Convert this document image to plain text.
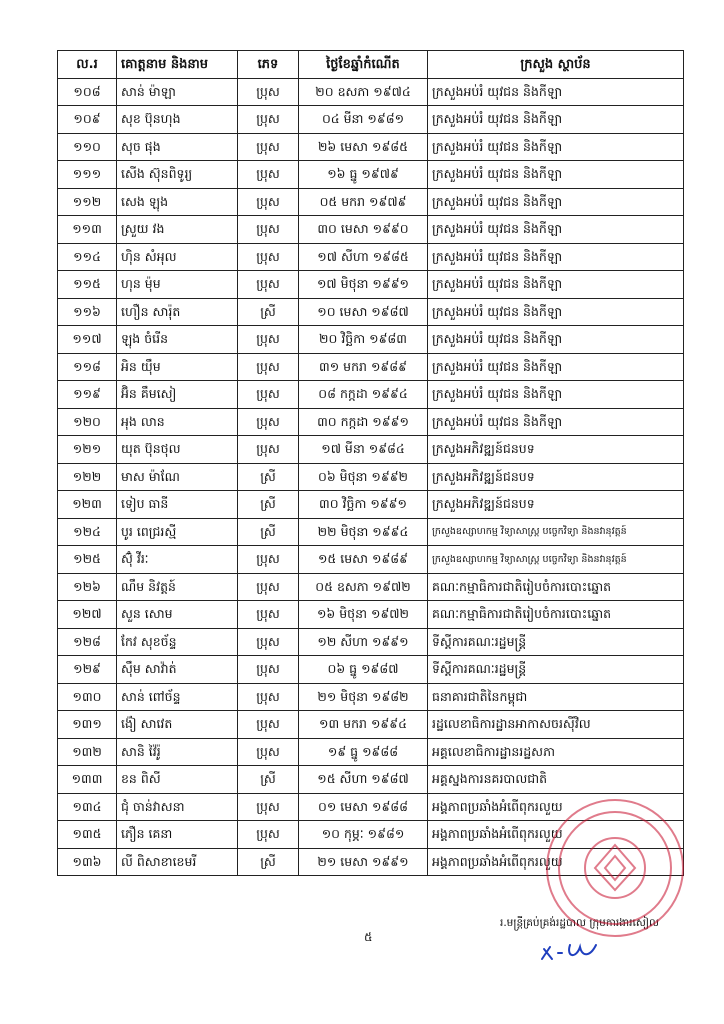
ល.រ	គោត្តនាម និងនាម	ភេទ	ថ្ងៃខែឆ្នាំកំណើត	ក្រសួង ស្ថាប័ន
១០៨	សាន់ ម៉ាឡា	ប្រុស	២០ ឧសភា ១៩៧៤	ក្រសួងអប់រំ យុវជន និងកីឡា
១០៩	សុខ ប៊ុនហុង	ប្រុស	០៤ មីនា ១៩៨១	ក្រសួងអប់រំ យុវជន និងកីឡា
១១០	សុច ផុង	ប្រុស	២៦ មេសា ១៩៨៥	ក្រសួងអប់រំ យុវជន និងកីឡា
១១១	សើង ស៊ុនពិទូរ្យ	ប្រុស	១៦ ធ្នូ ១៩៧៩	ក្រសួងអប់រំ យុវជន និងកីឡា
១១២	សេង ឡុង	ប្រុស	០៥ មករា ១៩៧៩	ក្រសួងអប់រំ យុវជន និងកីឡា
១១៣	ស្រួយ វង	ប្រុស	៣០ មេសា ១៩៩០	ក្រសួងអប់រំ យុវជន និងកីឡា
១១៤	ហ៊ិន សំអុល	ប្រុស	១៧ សីហា ១៩៨៥	ក្រសួងអប់រំ យុវជន និងកីឡា
១១៥	ហុន ម៉ុម	ប្រុស	១៧ មិថុនា ១៩៩១	ក្រសួងអប់រំ យុវជន និងកីឡា
១១៦	ហឿន សារ៉ុត	ស្រី	១០ មេសា ១៩៨៧	ក្រសួងអប់រំ យុវជន និងកីឡា
១១៧	ឡុង ចំរើន	ប្រុស	២០ វិច្ឆិកា ១៩៨៣	ក្រសួងអប់រំ យុវជន និងកីឡា
១១៨	អិន យ៉ឹម	ប្រុស	៣១ មករា ១៩៨៩	ក្រសួងអប់រំ យុវជន និងកីឡា
១១៩	អ៊ិន គឹមសៀ	ប្រុស	០៨ កក្កដា ១៩៩៤	ក្រសួងអប់រំ យុវជន និងកីឡា
១២០	អុង លាន	ប្រុស	៣០ កក្កដា ១៩៩១	ក្រសួងអប់រំ យុវជន និងកីឡា
១២១	យុត ប៊ុនថុល	ប្រុស	១៧ មីនា ១៩៨៤	ក្រសួងអភិវឌ្ឍន៍ជនបទ
១២២	មាស ម៉ាណែ	ស្រី	០៦ មិថុនា ១៩៩២	ក្រសួងអភិវឌ្ឍន៍ជនបទ
១២៣	ទៀប ធានី	ស្រី	៣០ វិច្ឆិកា ១៩៩១	ក្រសួងអភិវឌ្ឍន៍ជនបទ
១២៤	បូរ ពេជ្ររស្មី	ស្រី	២២ មិថុនា ១៩៩៤	ក្រសួងឧស្សាហកម្ម វិទ្យាសាស្ត្រ បច្ចេកវិទ្យា និងនវានុវត្តន៍
១២៥	ស៊ុំ វីរៈ	ប្រុស	១៥ មេសា ១៩៨៩	ក្រសួងឧស្សាហកម្ម វិទ្យាសាស្ត្រ បច្ចេកវិទ្យា និងនវានុវត្តន៍
១២៦	ណឹម និវត្តន៍	ប្រុស	០៥ ឧសភា ១៩៧២	គណៈកម្មាធិការជាតិរៀបចំការបោះឆ្នោត
១២៧	សួន សោម	ប្រុស	១៦ មិថុនា ១៩៧២	គណៈកម្មាធិការជាតិរៀបចំការបោះឆ្នោត
១២៨	កែវ សុខច័ន្ទ	ប្រុស	១២ សីហា ១៩៩១	ទីស្តីការគណៈរដ្ឋមន្ត្រី
១២៩	ស៊ឹម សាវ៉ាត់	ប្រុស	០៦ ធ្នូ ១៩៨៧	ទីស្តីការគណៈរដ្ឋមន្ត្រី
១៣០	សាន់ ពៅច័ន្ទ	ប្រុស	២១ មិថុនា ១៩៨២	ធនាគារជាតិនៃកម្ពុជា
១៣១	ង៉ៀ សាវេត	ប្រុស	១៣ មករា ១៩៩៤	រដ្ឋលេខាធិការដ្ឋានអាកាសចរស៊ីវិល
១៣២	សានិ វ៉ៃរ៉ូ	ប្រុស	១៩ ធ្នូ ១៩៨៨	អគ្គលេខាធិការដ្ឋានរដ្ឋសភា
១៣៣	ខន ពិសី	ស្រី	១៥ សីហា ១៩៨៧	អគ្គស្នងការនគរបាលជាតិ
១៣៤	ជុំ ចាន់វាសនា	ប្រុស	០១ មេសា ១៩៨៨	អង្គភាពប្រឆាំងអំពើពុករលួយ
១៣៥	ភឿន គេនា	ប្រុស	១០ កុម្ភៈ ១៩៨១	អង្គភាពប្រឆាំងអំពើពុករលួយ
១៣៦	លី ពិសាខាខេមរី	ស្រី	២១ មេសា ១៩៩១	អង្គភាពប្រឆាំងអំពើពុករលួយ
៥
រ.មន្ត្រីគ្រប់គ្រង់រដ្ឋបាល ក្រុមការងារសៀល
